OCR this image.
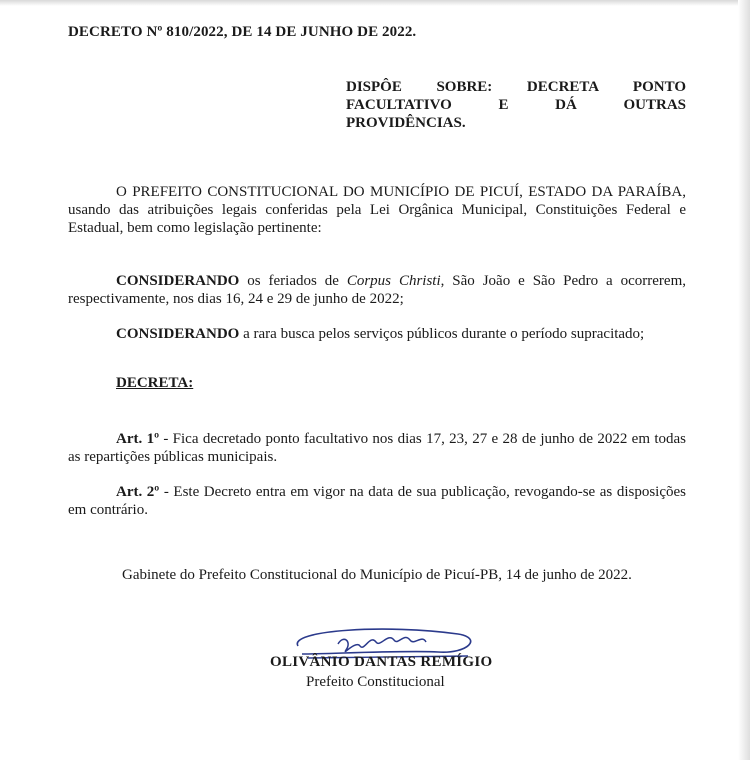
DECRETO Nº 810/2022, DE 14 DE JUNHO DE 2022.
DISPÔE SOBRE: DECRETA PONTO
FACULTATIVO E DÁ OUTRAS
PROVIDÊNCIAS.
O PREFEITO CONSTITUCIONAL DO MUNICÍPIO DE PICUÍ, ESTADO DA PARAÍBA,
usando das atribuições legais conferidas pela Lei Orgânica Municipal, Constituições Federal e
Estadual, bem como legislação pertinente:
CONSIDERANDO os feriados de Corpus Christi, São João e São Pedro a ocorrerem,
respectivamente, nos dias 16, 24 e 29 de junho de 2022;
CONSIDERANDO a rara busca pelos serviços públicos durante o período supracitado;
DECRETA:
Art. 1º - Fica decretado ponto facultativo nos dias 17, 23, 27 e 28 de junho de 2022 em todas
as repartições públicas municipais.
Art. 2º - Este Decreto entra em vigor na data de sua publicação, revogando-se as disposições
em contrário.
Gabinete do Prefeito Constitucional do Município de Picuí-PB, 14 de junho de 2022.
OLIVÂNIO DANTAS REMÍGIO
Prefeito Constitucional
